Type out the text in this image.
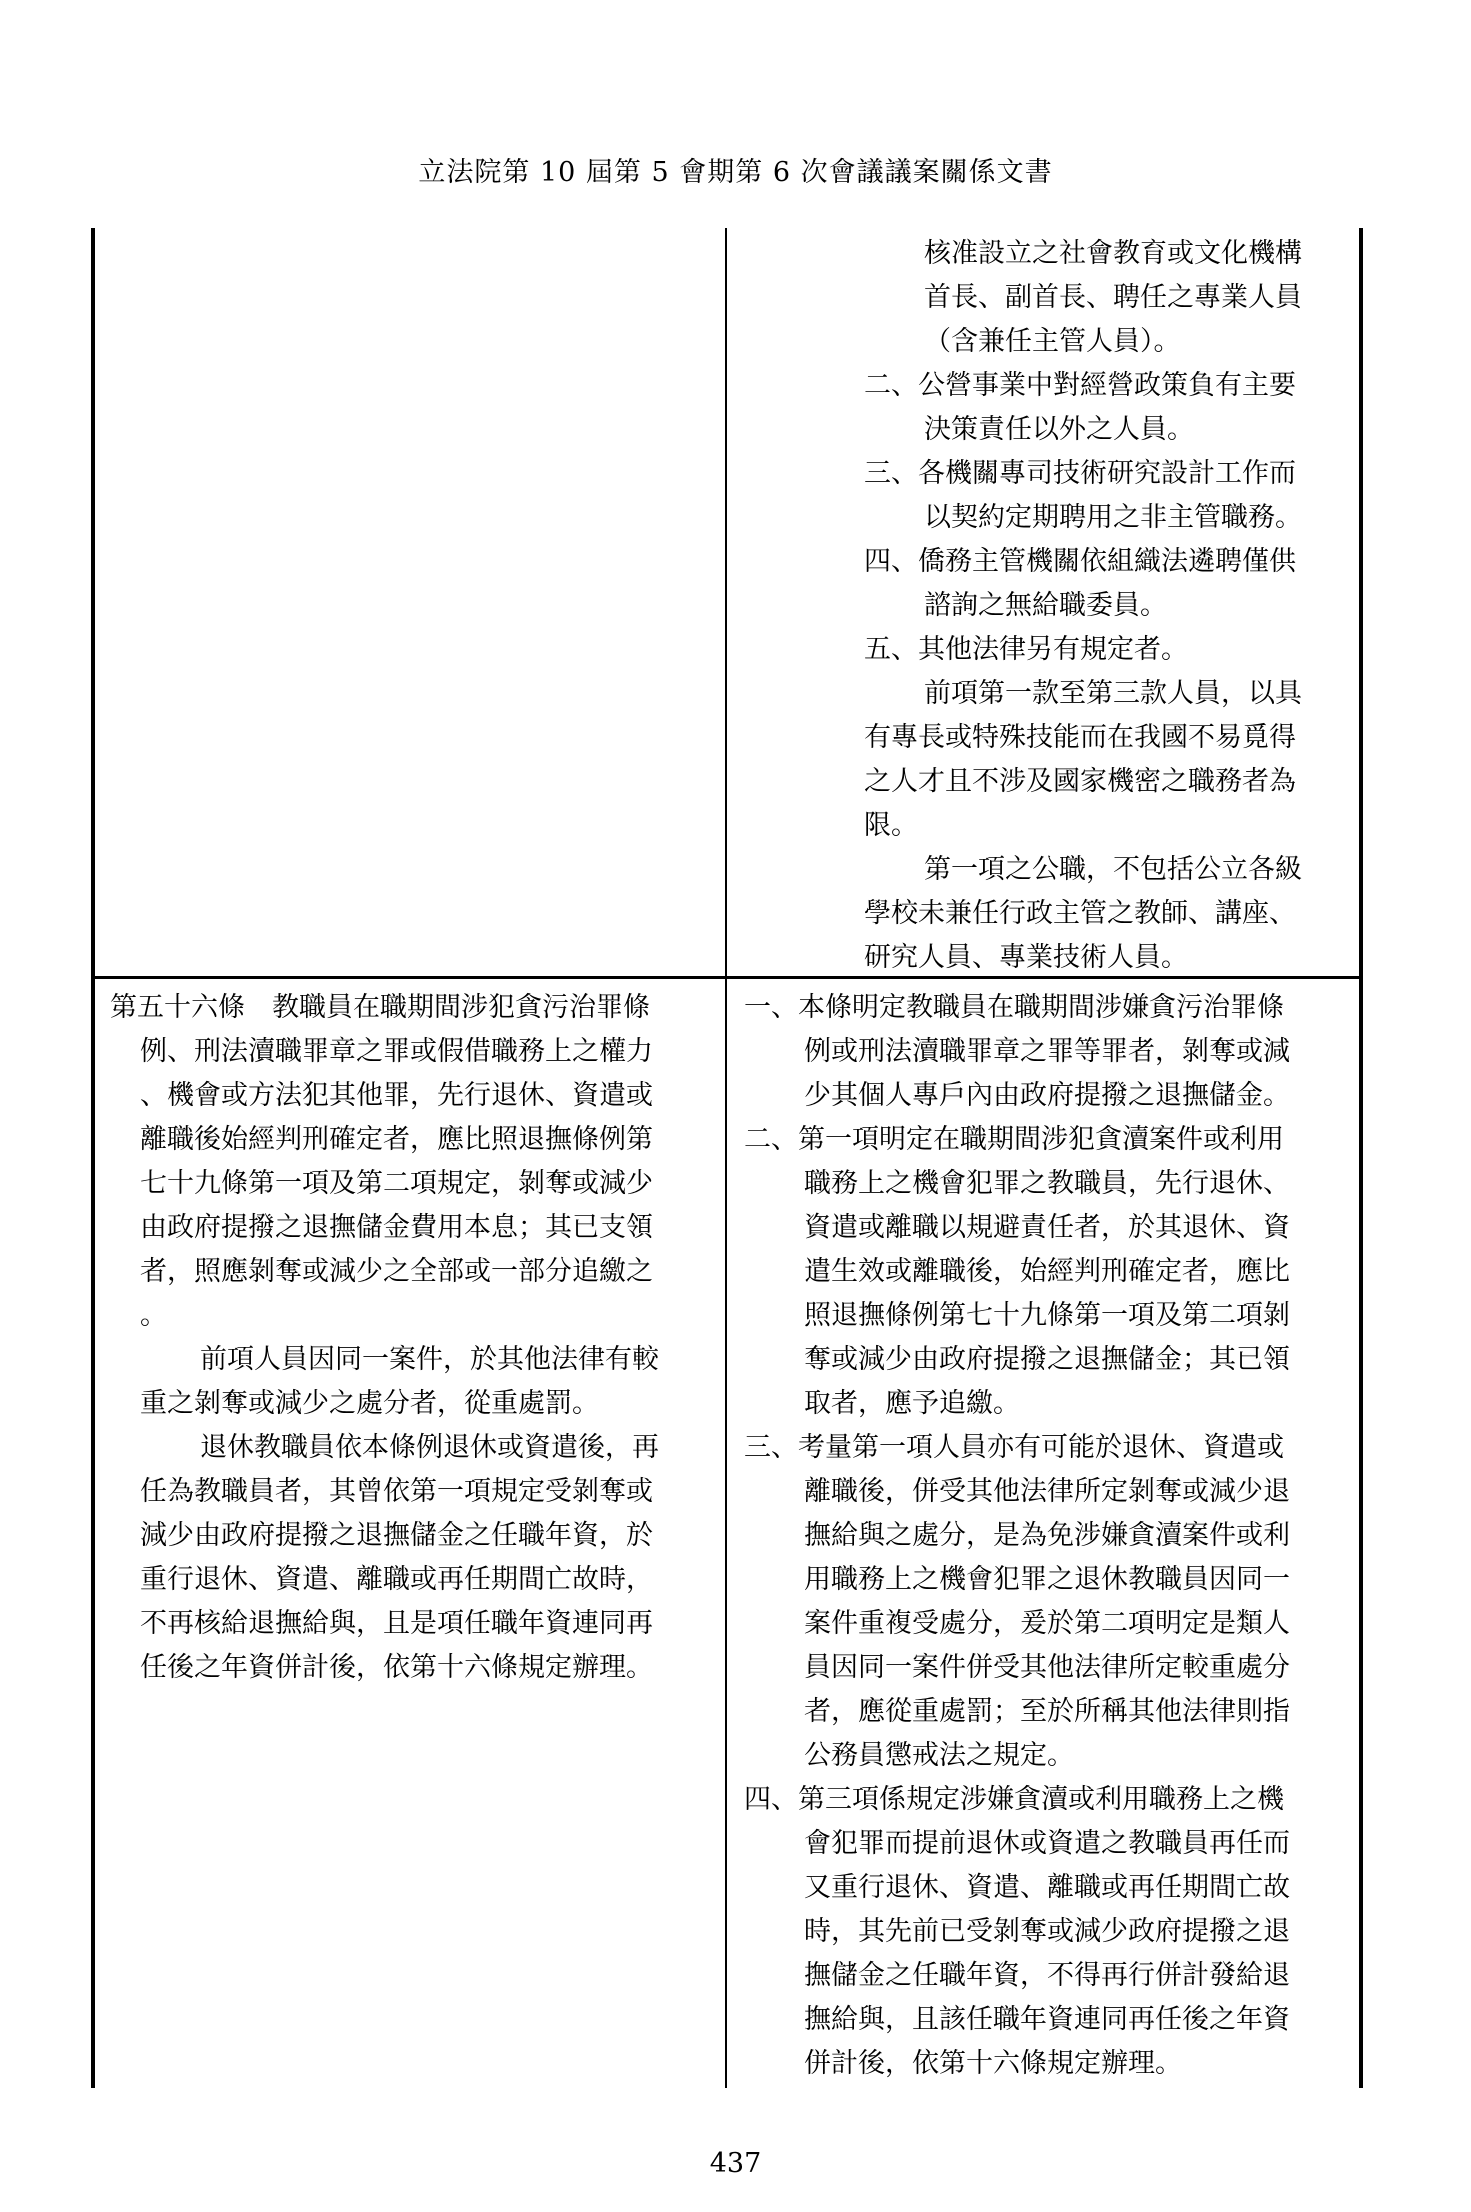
立法院第 10 屆第 5 會期第 6 次會議議案關係文書

核准設立之社會教育或文化機構

首長、副首長、聘任之專業人員

（含兼任主管人員）。

二、公營事業中對經營政策負有主要

決策責任以外之人員。

三、各機關專司技術研究設計工作而

以契約定期聘用之非主管職務。

四、僑務主管機關依組織法遴聘僅供

諮詢之無給職委員。

五、其他法律另有規定者。

前項第一款至第三款人員，以具

有專長或特殊技能而在我國不易覓得

之人才且不涉及國家機密之職務者為

限。

第一項之公職，不包括公立各級

學校未兼任行政主管之教師、講座、

研究人員、專業技術人員。

第五十六條　教職員在職期間涉犯貪污治罪條

例、刑法瀆職罪章之罪或假借職務上之權力

、機會或方法犯其他罪，先行退休、資遣或

離職後始經判刑確定者，應比照退撫條例第

七十九條第一項及第二項規定，剝奪或減少

由政府提撥之退撫儲金費用本息；其已支領

者，照應剝奪或減少之全部或一部分追繳之

。

前項人員因同一案件，於其他法律有較

重之剝奪或減少之處分者，從重處罰。

退休教職員依本條例退休或資遣後，再

任為教職員者，其曾依第一項規定受剝奪或

減少由政府提撥之退撫儲金之任職年資，於

重行退休、資遣、離職或再任期間亡故時，

不再核給退撫給與，且是項任職年資連同再

任後之年資併計後，依第十六條規定辦理。

一、本條明定教職員在職期間涉嫌貪污治罪條

例或刑法瀆職罪章之罪等罪者，剝奪或減

少其個人專戶內由政府提撥之退撫儲金。

二、第一項明定在職期間涉犯貪瀆案件或利用

職務上之機會犯罪之教職員，先行退休、

資遣或離職以規避責任者，於其退休、資

遣生效或離職後，始經判刑確定者，應比

照退撫條例第七十九條第一項及第二項剝

奪或減少由政府提撥之退撫儲金；其已領

取者，應予追繳。

三、考量第一項人員亦有可能於退休、資遣或

離職後，併受其他法律所定剝奪或減少退

撫給與之處分，是為免涉嫌貪瀆案件或利

用職務上之機會犯罪之退休教職員因同一

案件重複受處分，爰於第二項明定是類人

員因同一案件併受其他法律所定較重處分

者，應從重處罰；至於所稱其他法律則指

公務員懲戒法之規定。

四、第三項係規定涉嫌貪瀆或利用職務上之機

會犯罪而提前退休或資遣之教職員再任而

又重行退休、資遣、離職或再任期間亡故

時，其先前已受剝奪或減少政府提撥之退

撫儲金之任職年資，不得再行併計發給退

撫給與，且該任職年資連同再任後之年資

併計後，依第十六條規定辦理。

437
